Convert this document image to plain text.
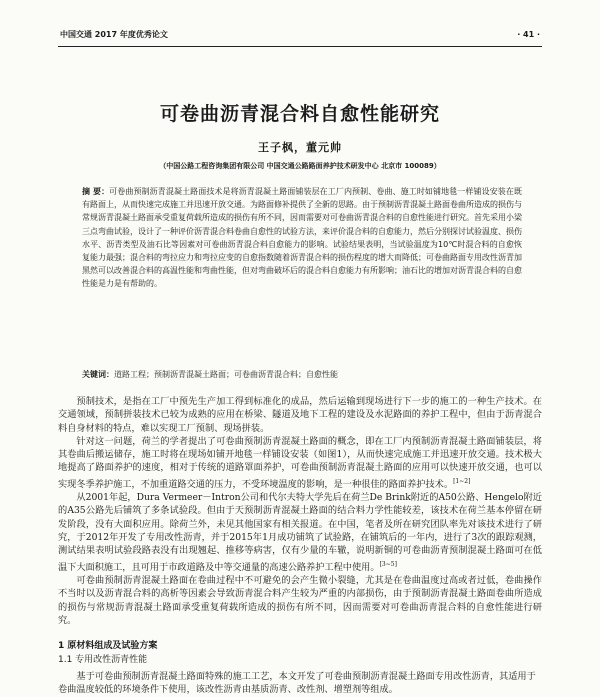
中国交通 2017 年度优秀论文	· 41 ·
可卷曲沥青混合料自愈性能研究
王子枫，董元帅
（中国公路工程咨询集团有限公司 中国交通公路路面养护技术研发中心 北京市 100089）
摘 要：可卷曲预制沥青混凝土路面技术是将沥青混凝土路面铺装层在工厂内预制、卷曲、施工时如铺地毯一样铺设安装在既有路面上，从而快速完成施工并迅速开放交通。为路面修补提供了全新的思路。由于预制沥青混凝土路面卷曲所造成的损伤与常规沥青混凝土路面承受重复荷载所造成的损伤有所不同，因而需要对可卷曲沥青混合料的自愈性能进行研究。首先采用小梁三点弯曲试验，设计了一种评价沥青混合料卷曲自愈性的试验方法，来评价混合料的自愈能力，然后分别探讨试验温度、损伤水平、沥青类型及油石比等因素对可卷曲沥青混合料自愈能力的影响。试验结果表明，当试验温度为10℃时混合料的自愈恢复能力最强；混合料的弯拉应力和弯拉应变的自愈指数随着沥青混合料的损伤程度的增大而降低；可卷曲路面专用改性沥青加黑然可以改善混合料的高温性能和弯曲性能，但对弯曲破坏后的混合料自愈能力有所影响；油石比的增加对沥青混合料的自愈性能是力是有帮助的。
关键词：道路工程；预制沥青混凝土路面；可卷曲沥青混合料；自愈性能

预制技术，是指在工厂中预先生产加工得到标准化的成品，然后运输到现场进行下一步的施工的一种生产技术。在交通领域，预制拼装技术已较为成熟的应用在桥梁、隧道及地下工程的建设及水泥路面的养护工程中，但由于沥青混合料自身材料的特点，难以实现工厂预制、现场拼装。

针对这一问题，荷兰的学者提出了可卷曲预制沥青混凝土路面的概念，即在工厂内预制沥青混凝土路面铺装层，将其卷曲后搬运储存，施工时将在现场如铺开地毯一样铺设安装（如图1），从而快速完成施工并迅速开放交通。技术极大地提高了路面养护的速度，相对于传统的道路罩面养护，可卷曲预制沥青混凝土路面的应用可以快速开放交通，也可以实现冬季养护施工，不加重道路交通的压力，不受环境温度的影响，是一种很佳的路面养护技术。[1~2]

从2001年起，Dura Vermeer－Intron公司和代尔夫特大学先后在荷兰De Brink附近的A50公路、Hengelo附近的A35公路先后铺筑了多条试验段。但由于天预制沥青混凝土路面的结合料力学性能较差，该技术在荷兰基本停留在研发阶段，没有大面积应用。除荷兰外，未见其他国家有相关报道。在中国，笔者及所在研究团队率先对该技术进行了研究，于2012年开发了专用改性沥青，并于2015年1月成功铺筑了试验路，在铺筑后的一年内，进行了3次的跟踪观测，测试结果表明试验段路表没有出现翘起、推移等病害，仅有少量的车辙，说明新铜的可卷曲沥青预制混凝土路面可在低温下大面积施工，且可用于市政道路及中等交通量的高速公路养护工程中使用。[3~5]

可卷曲预制沥青混凝土路面在卷曲过程中不可避免的会产生微小裂缝，尤其是在卷曲温度过高或者过低，卷曲操作不当时以及沥青混合料的高析等因素会导致沥青混合料产生较为严重的内部损伤，由于预制沥青混凝土路面卷曲所造成的损伤与常规沥青混凝土路面承受重复荷载所造成的损伤有所不同，因而需要对可卷曲沥青混合料的自愈性能进行研究。

1 原材料组成及试验方案
1.1 专用改性沥青性能
基于可卷曲预制沥青混凝土路面特殊的施工工艺，本文开发了可卷曲预制沥青混凝土路面专用改性沥青，其适用于卷曲温度较低的环境条件下使用，该改性沥青由基质沥青、改性剂、增塑剂等组成。
